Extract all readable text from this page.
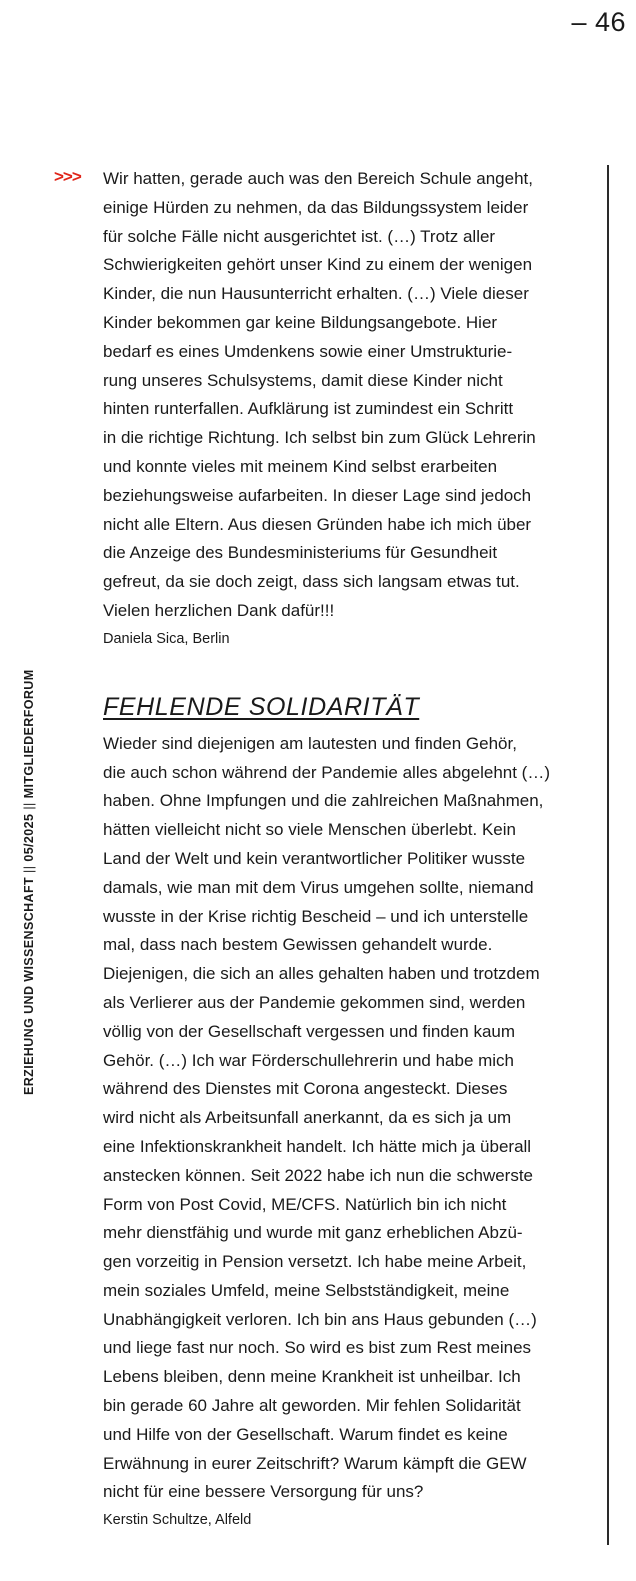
– 46
ERZIEHUNG UND WISSENSCHAFT||05/2025||MITGLIEDERFORUM
>>> Wir hatten, gerade auch was den Bereich Schule angeht,
einige Hürden zu nehmen, da das Bildungssystem leider
für solche Fälle nicht ausgerichtet ist. (…) Trotz aller
Schwierigkeiten gehört unser Kind zu einem der wenigen
Kinder, die nun Hausunterricht erhalten. (…) Viele dieser
Kinder bekommen gar keine Bildungsangebote. Hier
bedarf es eines Umdenkens sowie einer Umstrukturie-
rung unseres Schulsystems, damit diese Kinder nicht
hinten runterfallen. Aufklärung ist zumindest ein Schritt
in die richtige Richtung. Ich selbst bin zum Glück Lehrerin
und konnte vieles mit meinem Kind selbst erarbeiten
beziehungsweise aufarbeiten. In dieser Lage sind jedoch
nicht alle Eltern. Aus diesen Gründen habe ich mich über
die Anzeige des Bundesministeriums für Gesundheit
gefreut, da sie doch zeigt, dass sich langsam etwas tut.
Vielen herzlichen Dank dafür!!!
Daniela Sica, Berlin
FEHLENDE SOLIDARITÄT
Wieder sind diejenigen am lautesten und finden Gehör,
die auch schon während der Pandemie alles abgelehnt (…)
haben. Ohne Impfungen und die zahlreichen Maßnahmen,
hätten vielleicht nicht so viele Menschen überlebt. Kein
Land der Welt und kein verantwortlicher Politiker wusste
damals, wie man mit dem Virus umgehen sollte, niemand
wusste in der Krise richtig Bescheid – und ich unterstelle
mal, dass nach bestem Gewissen gehandelt wurde.
Diejenigen, die sich an alles gehalten haben und trotzdem
als Verlierer aus der Pandemie gekommen sind, werden
völlig von der Gesellschaft vergessen und finden kaum
Gehör. (…) Ich war Förderschullehrerin und habe mich
während des Dienstes mit Corona angesteckt. Dieses
wird nicht als Arbeitsunfall anerkannt, da es sich ja um
eine Infektionskrankheit handelt. Ich hätte mich ja überall
anstecken können. Seit 2022 habe ich nun die schwerste
Form von Post Covid, ME/CFS. Natürlich bin ich nicht
mehr dienstfähig und wurde mit ganz erheblichen Abzü-
gen vorzeitig in Pension versetzt. Ich habe meine Arbeit,
mein soziales Umfeld, meine Selbstständigkeit, meine
Unabhängigkeit verloren. Ich bin ans Haus gebunden (…)
und liege fast nur noch. So wird es bist zum Rest meines
Lebens bleiben, denn meine Krankheit ist unheilbar. Ich
bin gerade 60 Jahre alt geworden. Mir fehlen Solidarität
und Hilfe von der Gesellschaft. Warum findet es keine
Erwähnung in eurer Zeitschrift? Warum kämpft die GEW
nicht für eine bessere Versorgung für uns?
Kerstin Schultze, Alfeld
